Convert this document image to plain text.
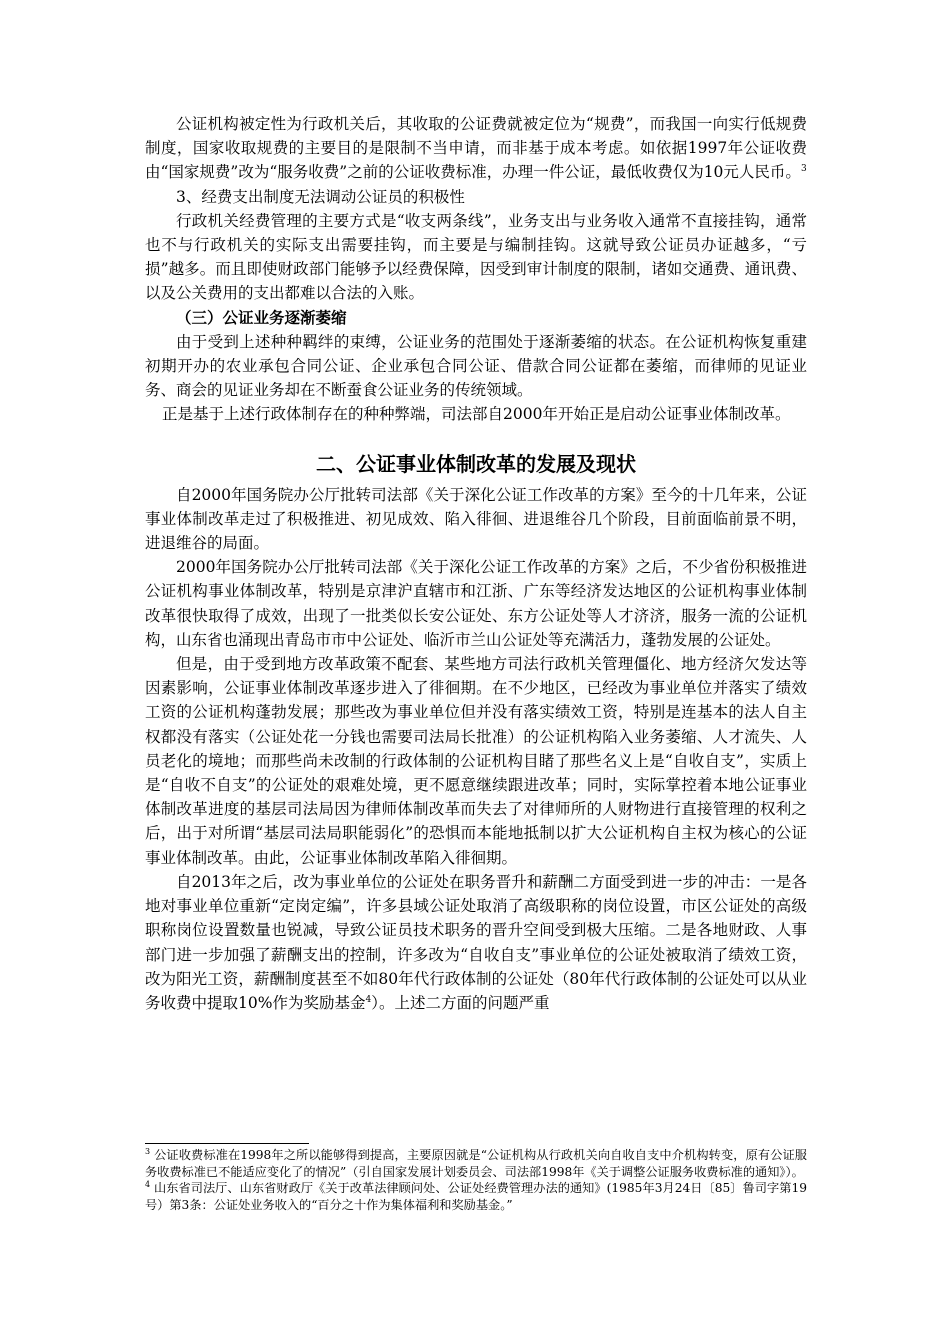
公证机构被定性为行政机关后，其收取的公证费就被定位为“规费”，而我国一向实行低规费制度，国家收取规费的主要目的是限制不当申请，而非基于成本考虑。如依据1997年公证收费由“国家规费”改为“服务收费”之前的公证收费标准，办理一件公证，最低收费仅为10元人民币。$^3$

3、经费支出制度无法调动公证员的积极性

行政机关经费管理的主要方式是“收支两条线”，业务支出与业务收入通常不直接挂钩，通常也不与行政机关的实际支出需要挂钩，而主要是与编制挂钩。这就导致公证员办证越多，“亏损”越多。而且即使财政部门能够予以经费保障，因受到审计制度的限制，诸如交通费、通讯费、以及公关费用的支出都难以合法的入账。

（三）公证业务逐渐萎缩

由于受到上述种种羁绊的束缚，公证业务的范围处于逐渐萎缩的状态。在公证机构恢复重建初期开办的农业承包合同公证、企业承包合同公证、借款合同公证都在萎缩，而律师的见证业务、商会的见证业务却在不断蚕食公证业务的传统领域。

正是基于上述行政体制存在的种种弊端，司法部自2000年开始正是启动公证事业体制改革。

二、公证事业体制改革的发展及现状

自2000年国务院办公厅批转司法部《关于深化公证工作改革的方案》至今的十几年来，公证事业体制改革走过了积极推进、初见成效、陷入徘徊、进退维谷几个阶段，目前面临前景不明，进退维谷的局面。

2000年国务院办公厅批转司法部《关于深化公证工作改革的方案》之后，不少省份积极推进公证机构事业体制改革，特别是京津沪直辖市和江浙、广东等经济发达地区的公证机构事业体制改革很快取得了成效，出现了一批类似长安公证处、东方公证处等人才济济，服务一流的公证机构，山东省也涌现出青岛市市中公证处、临沂市兰山公证处等充满活力，蓬勃发展的公证处。

但是，由于受到地方改革政策不配套、某些地方司法行政机关管理僵化、地方经济欠发达等因素影响，公证事业体制改革逐步进入了徘徊期。在不少地区，已经改为事业单位并落实了绩效工资的公证机构蓬勃发展；那些改为事业单位但并没有落实绩效工资，特别是连基本的法人自主权都没有落实（公证处花一分钱也需要司法局长批准）的公证机构陷入业务萎缩、人才流失、人员老化的境地；而那些尚未改制的行政体制的公证机构目睹了那些名义上是“自收自支”，实质上是“自收不自支”的公证处的艰难处境，更不愿意继续跟进改革；同时，实际掌控着本地公证事业体制改革进度的基层司法局因为律师体制改革而失去了对律师所的人财物进行直接管理的权利之后，出于对所谓“基层司法局职能弱化”的恐惧而本能地抵制以扩大公证机构自主权为核心的公证事业体制改革。由此，公证事业体制改革陷入徘徊期。

自2013年之后，改为事业单位的公证处在职务晋升和薪酬二方面受到进一步的冲击：一是各地对事业单位重新“定岗定编”，许多县域公证处取消了高级职称的岗位设置，市区公证处的高级职称岗位设置数量也锐减，导致公证员技术职务的晋升空间受到极大压缩。二是各地财政、人事部门进一步加强了薪酬支出的控制，许多改为“自收自支”事业单位的公证处被取消了绩效工资，改为阳光工资，薪酬制度甚至不如80年代行政体制的公证处（80年代行政体制的公证处可以从业务收费中提取10%作为奖励基金$^4$）。上述二方面的问题严重

$^3$ 公证收费标准在1998年之所以能够得到提高，主要原因就是“公证机构从行政机关向自收自支中介机构转变，原有公证服务收费标准已不能适应变化了的情况”（引自国家发展计划委员会、司法部1998年《关于调整公证服务收费标准的通知》）。

$^4$ 山东省司法厅、山东省财政厅《关于改革法律顾问处、公证处经费管理办法的通知》(1985年3月24日〔85〕鲁司字第19号）第3条：公证处业务收入的“百分之十作为集体福利和奖励基金。”
